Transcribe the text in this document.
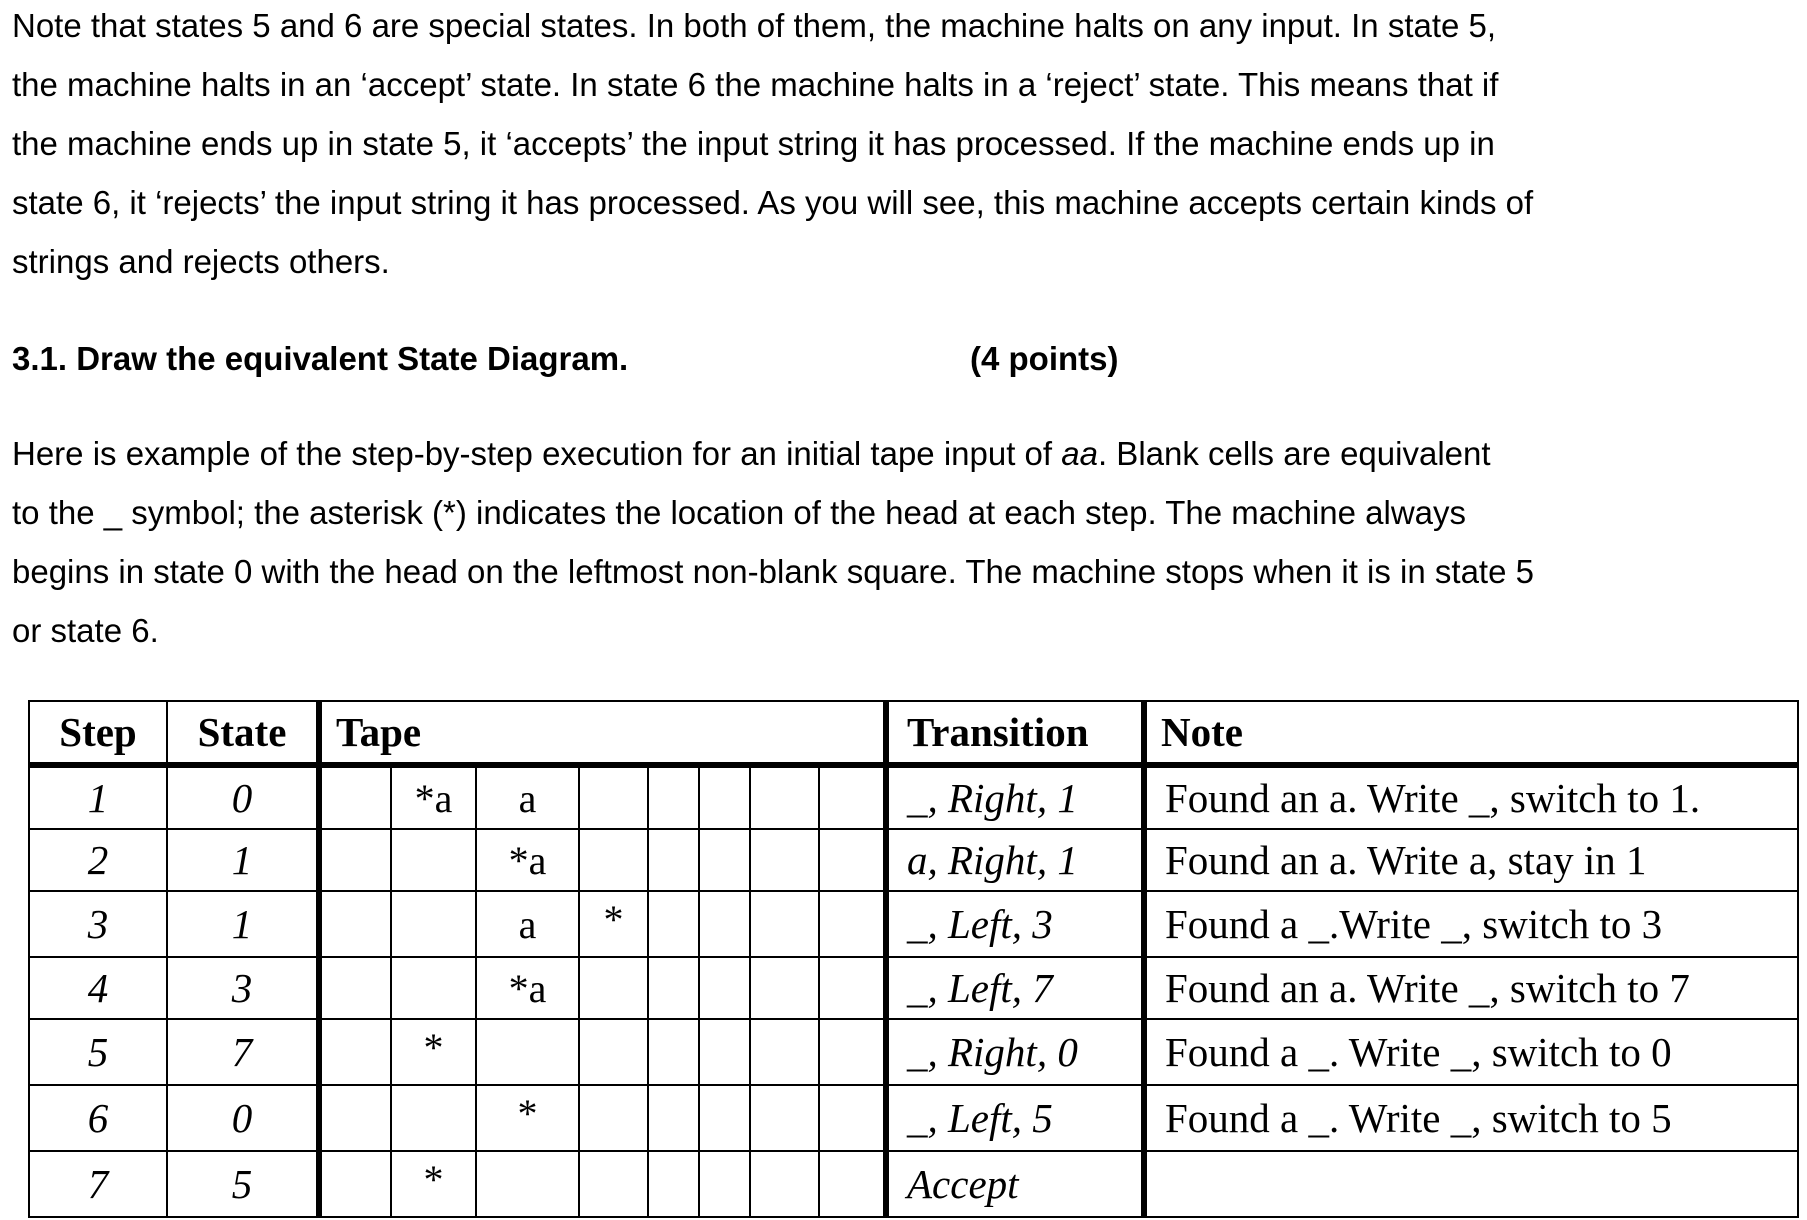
Note that states 5 and 6 are special states. In both of them, the machine halts on any input. In state 5,
the machine halts in an ‘accept’ state. In state 6 the machine halts in a ‘reject’ state. This means that if
the machine ends up in state 5, it ‘accepts’ the input string it has processed. If the machine ends up in
state 6, it ‘rejects’ the input string it has processed. As you will see, this machine accepts certain kinds of
strings and rejects others.

3.1. Draw the equivalent State Diagram.	(4 points)

Here is example of the step-by-step execution for an initial tape input of aa. Blank cells are equivalent
to the _ symbol; the asterisk (*) indicates the location of the head at each step. The machine always
begins in state 0 with the head on the leftmost non-blank square. The machine stops when it is in state 5
or state 6.

Step	State	Tape								Transition	Note
1	0		*a	a						_, Right, 1	Found an a. Write _, switch to 1.
2	1			*a						a, Right, 1	Found an a. Write a, stay in 1
3	1			a	*					_, Left, 3	Found a _.Write _, switch to 3
4	3			*a						_, Left, 7	Found an a. Write _, switch to 7
5	7		*							_, Right, 0	Found a _. Write _, switch to 0
6	0			*						_, Left, 5	Found a _. Write _, switch to 5
7	5		*							Accept	
